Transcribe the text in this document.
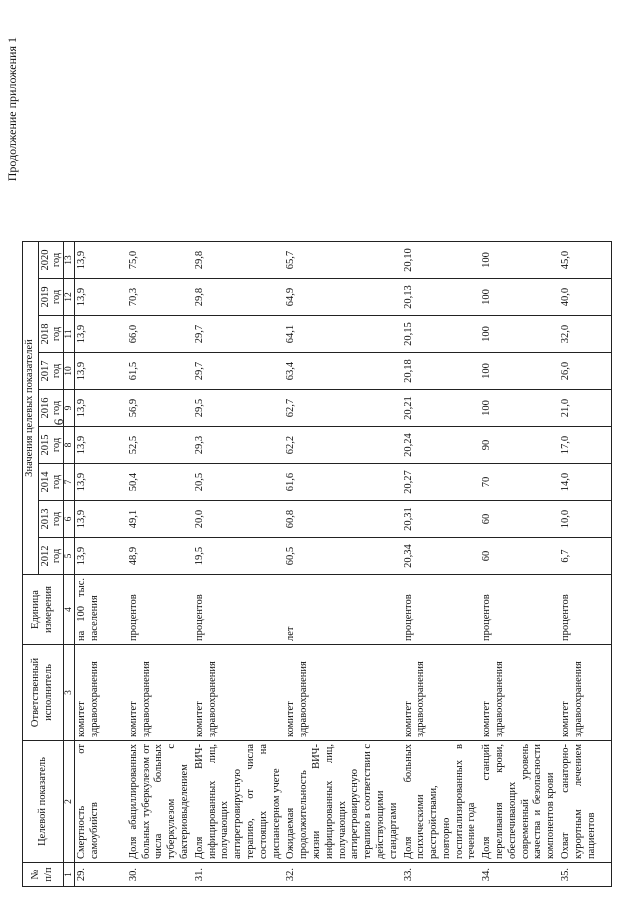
6
Продолжение приложения 1
№ п/п	Целевой показатель	Ответственный исполнитель	Единица измерения	Значения целевых показателей								
				2012 год	2013 год	2014 год	2015 год	2016 год	2017 год	2018 год	2019 год	2020 год
1	2	3	4	5	6	7	8	9	10	11	12	13
29.	Смертность от самоубийств	комитет здравоохранения	на 100 тыс. населения	13,9	13,9	13,9	13,9	13,9	13,9	13,9	13,9	13,9
30.	Доля абациллированных больных туберкулезом от числа больных туберкулезом с бактериовыделением	комитет здравоохранения	процентов	48,9	49,1	50,4	52,5	56,9	61,5	66,0	70,3	75,0
31.	Доля ВИЧ-инфицированных лиц, получающих антиретровирусную терапию, от числа состоящих на диспансерном учете	комитет здравоохранения	процентов	19,5	20,0	20,5	29,3	29,5	29,7	29,7	29,8	29,8
32.	Ожидаемая продолжительность жизни ВИЧ-инфицированных лиц, получающих антиретровирусную терапию в соответствии с действующими стандартами	комитет здравоохранения	лет	60,5	60,8	61,6	62,2	62,7	63,4	64,1	64,9	65,7
33.	Доля больных психическими расстройствами, повторно госпитализированных в течение года	комитет здравоохранения	процентов	20,34	20,31	20,27	20,24	20,21	20,18	20,15	20,13	20,10
34.	Доля станций переливания крови, обеспечивающих современный уровень качества и безопасности компонентов крови	комитет здравоохранения	процентов	60	60	70	90	100	100	100	100	100
35.	Охват санаторно-курортным лечением пациентов	комитет здравоохранения	процентов	6,7	10,0	14,0	17,0	21,0	26,0	32,0	40,0	45,0
